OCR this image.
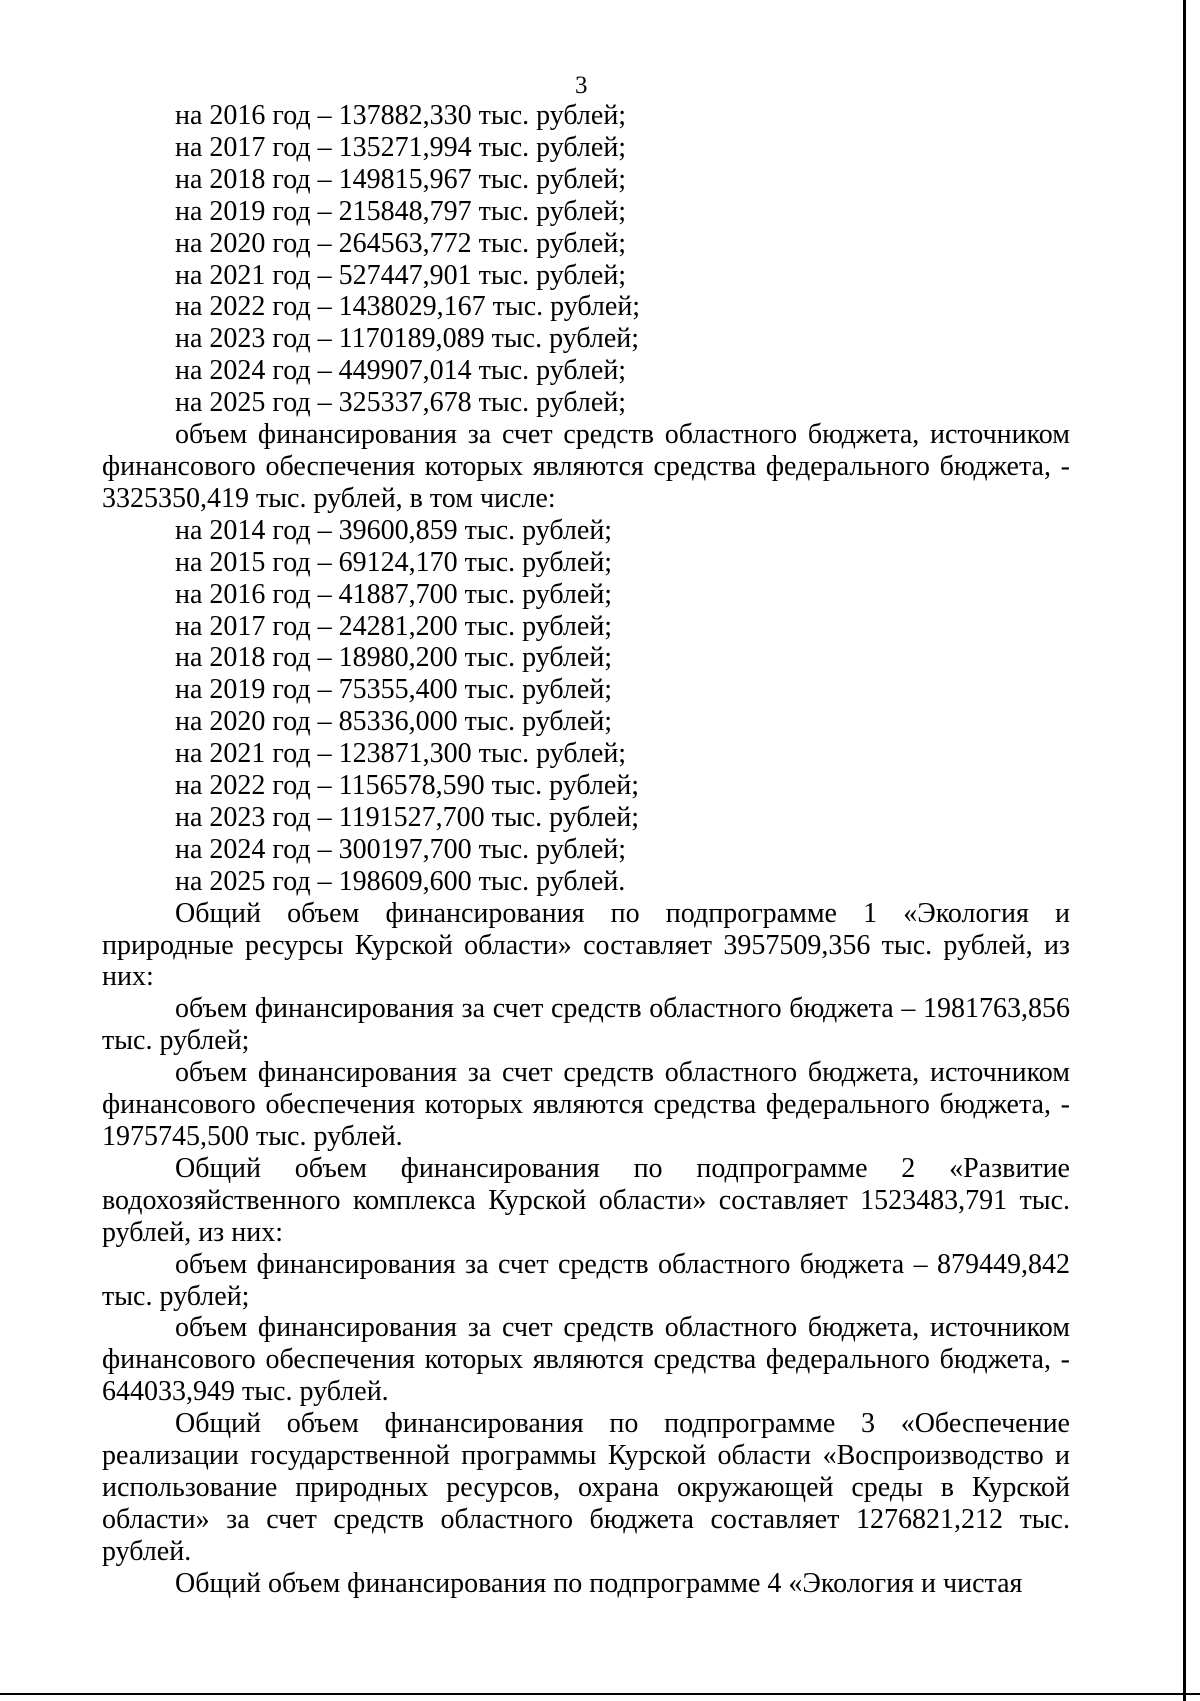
3
на 2016 год – 137882,330 тыс. рублей;
на 2017 год – 135271,994 тыс. рублей;
на 2018 год – 149815,967 тыс. рублей;
на 2019 год – 215848,797 тыс. рублей;
на 2020 год – 264563,772 тыс. рублей;
на 2021 год – 527447,901 тыс. рублей;
на 2022 год – 1438029,167 тыс. рублей;
на 2023 год – 1170189,089 тыс. рублей;
на 2024 год – 449907,014 тыс. рублей;
на 2025 год – 325337,678 тыс. рублей;

объем финансирования за счет средств областного бюджета, источником финансового обеспечения которых являются средства федерального бюджета, - 3325350,419 тыс. рублей, в том числе:

на 2014 год – 39600,859 тыс. рублей;
на 2015 год – 69124,170 тыс. рублей;
на 2016 год – 41887,700 тыс. рублей;
на 2017 год – 24281,200 тыс. рублей;
на 2018 год – 18980,200 тыс. рублей;
на 2019 год – 75355,400 тыс. рублей;
на 2020 год – 85336,000 тыс. рублей;
на 2021 год – 123871,300 тыс. рублей;
на 2022 год – 1156578,590 тыс. рублей;
на 2023 год – 1191527,700 тыс. рублей;
на 2024 год – 300197,700 тыс. рублей;
на 2025 год – 198609,600 тыс. рублей.

Общий объем финансирования по подпрограмме 1 «Экология и природные ресурсы Курской области» составляет 3957509,356 тыс. рублей, из них:

объем финансирования за счет средств областного бюджета – 1981763,856 тыс. рублей;

объем финансирования за счет средств областного бюджета, источником финансового обеспечения которых являются средства федерального бюджета, - 1975745,500 тыс. рублей.

Общий объем финансирования по подпрограмме 2 «Развитие водохозяйственного комплекса Курской области» составляет 1523483,791 тыс. рублей, из них:

объем финансирования за счет средств областного бюджета – 879449,842 тыс. рублей;

объем финансирования за счет средств областного бюджета, источником финансового обеспечения которых являются средства федерального бюджета, - 644033,949 тыс. рублей.

Общий объем финансирования по подпрограмме 3 «Обеспечение реализации государственной программы Курской области «Воспроизводство и использование природных ресурсов, охрана окружающей среды в Курской области» за счет средств областного бюджета составляет 1276821,212 тыс. рублей.

Общий объем финансирования по подпрограмме 4 «Экология и чистая
